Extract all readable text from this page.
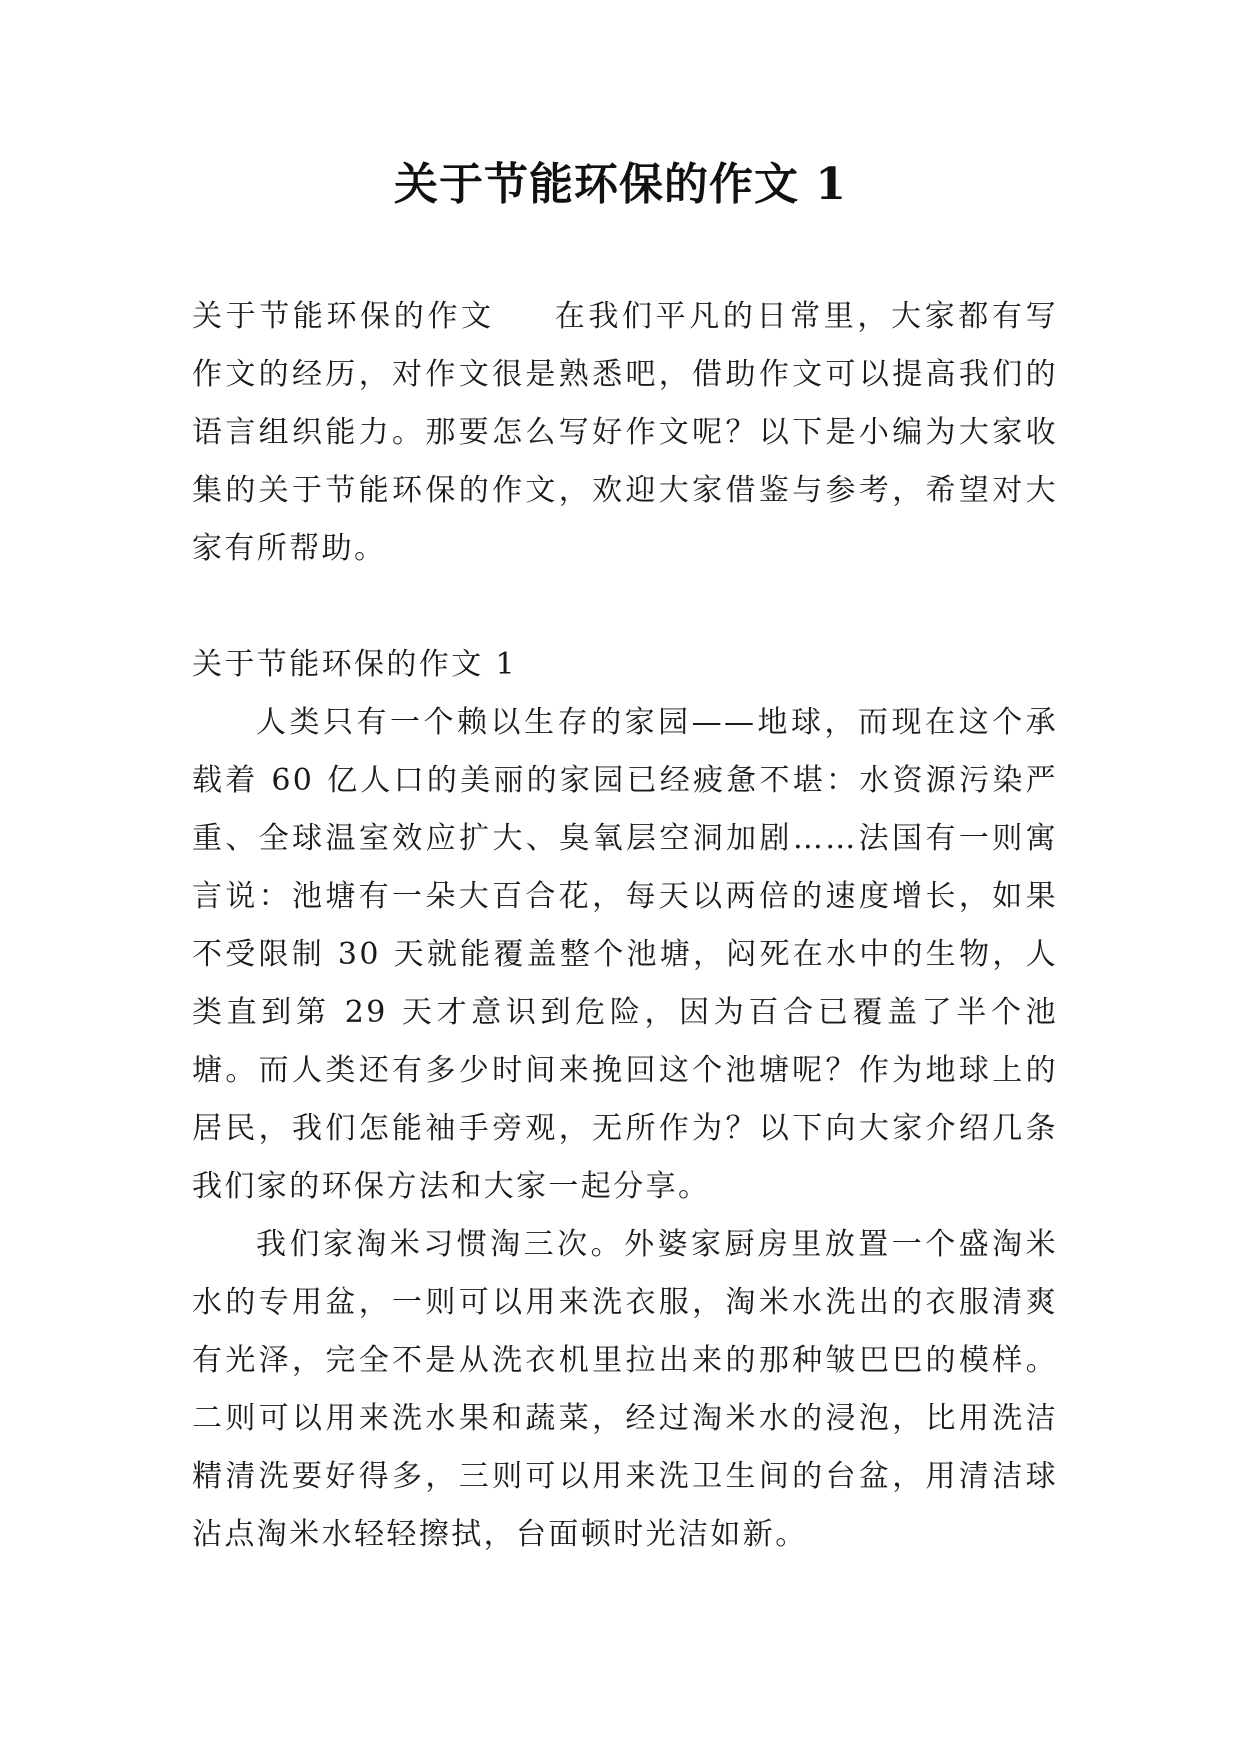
关于节能环保的作文 1

关于节能环保的作文 在我们平凡的日常里，大家都有写作文的经历，对作文很是熟悉吧，借助作文可以提高我们的语言组织能力。那要怎么写好作文呢？以下是小编为大家收集的关于节能环保的作文，欢迎大家借鉴与参考，希望对大家有所帮助。

关于节能环保的作文 1

人类只有一个赖以生存的家园——地球，而现在这个承载着 60 亿人口的美丽的家园已经疲惫不堪：水资源污染严重、全球温室效应扩大、臭氧层空洞加剧……法国有一则寓言说：池塘有一朵大百合花，每天以两倍的速度增长，如果不受限制 30 天就能覆盖整个池塘，闷死在水中的生物，人类直到第 29 天才意识到危险，因为百合已覆盖了半个池塘。而人类还有多少时间来挽回这个池塘呢？作为地球上的居民，我们怎能袖手旁观，无所作为？以下向大家介绍几条我们家的环保方法和大家一起分享。

我们家淘米习惯淘三次。外婆家厨房里放置一个盛淘米水的专用盆，一则可以用来洗衣服，淘米水洗出的衣服清爽有光泽，完全不是从洗衣机里拉出来的那种皱巴巴的模样。二则可以用来洗水果和蔬菜，经过淘米水的浸泡，比用洗洁精清洗要好得多，三则可以用来洗卫生间的台盆，用清洁球沾点淘米水轻轻擦拭，台面顿时光洁如新。
